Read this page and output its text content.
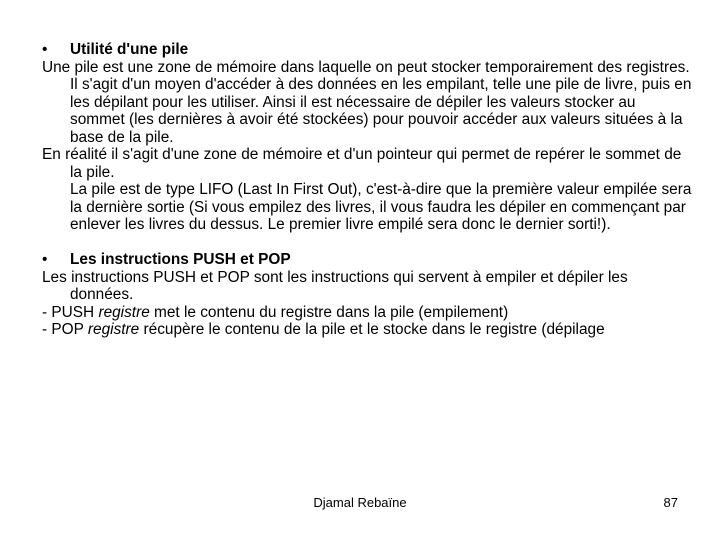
• Utilité d'une pile
Une pile est une zone de mémoire dans laquelle on peut stocker temporairement des registres. Il s'agit d'un moyen d'accéder à des données en les empilant, telle une pile de livre, puis en les dépilant pour les utiliser. Ainsi il est nécessaire de dépiler les valeurs stocker au sommet (les dernières à avoir été stockées) pour pouvoir accéder aux valeurs situées à la base de la pile.
En réalité il s'agit d'une zone de mémoire et d'un pointeur qui permet de repérer le sommet de la pile.
La pile est de type LIFO (Last In First Out), c'est-à-dire que la première valeur empilée sera la dernière sortie (Si vous empilez des livres, il vous faudra les dépiler en commençant par enlever les livres du dessus. Le premier livre empilé sera donc le dernier sorti!).
• Les instructions PUSH et POP
Les instructions PUSH et POP sont les instructions qui servent à empiler et dépiler les données.
- PUSH registre met le contenu du registre dans la pile (empilement)
- POP registre récupère le contenu de la pile et le stocke dans le registre (dépilage
Djamal Rebaïne	87
